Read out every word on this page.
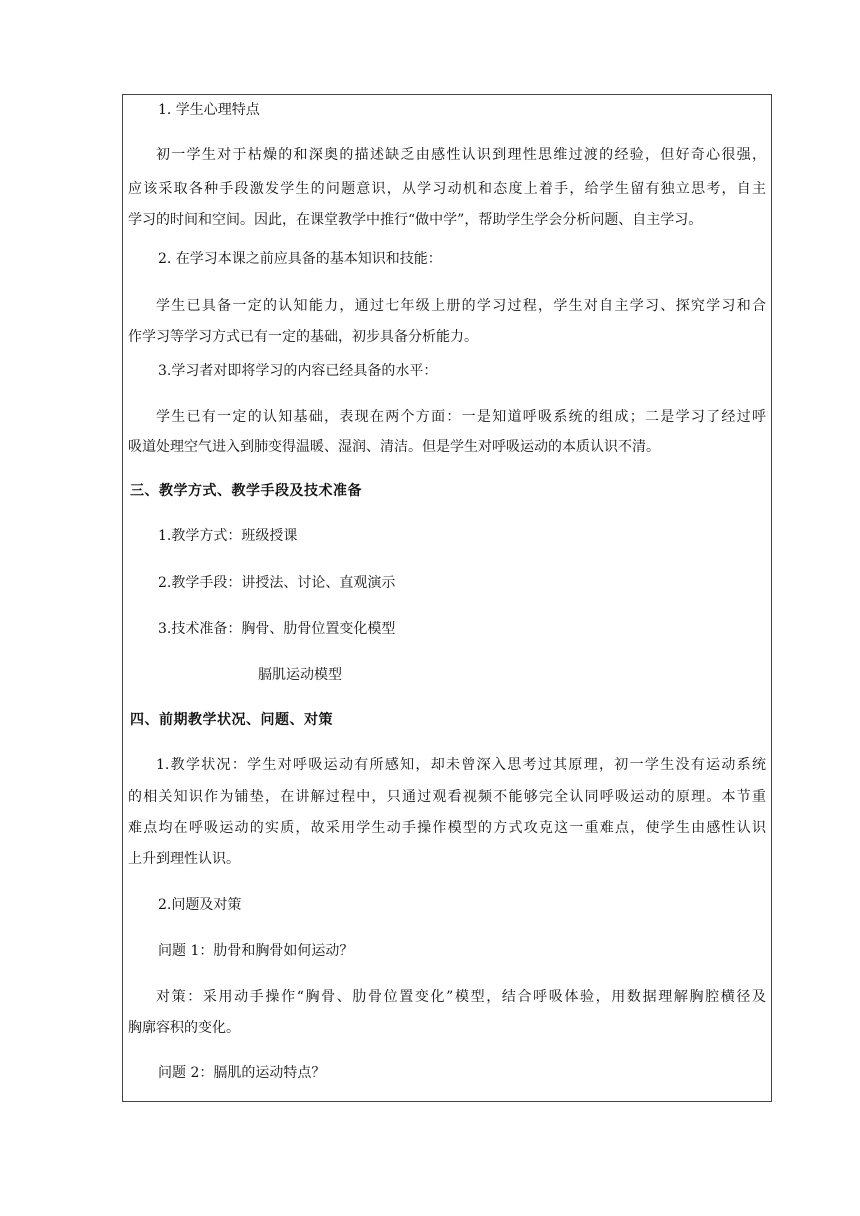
1. 学生心理特点
初一学生对于枯燥的和深奥的描述缺乏由感性认识到理性思维过渡的经验，但好奇心很强，
应该采取各种手段激发学生的问题意识，从学习动机和态度上着手，给学生留有独立思考，自主
学习的时间和空间。因此，在课堂教学中推行“做中学”，帮助学生学会分析问题、自主学习。
2. 在学习本课之前应具备的基本知识和技能：
学生已具备一定的认知能力，通过七年级上册的学习过程，学生对自主学习、探究学习和合
作学习等学习方式已有一定的基础，初步具备分析能力。
3.学习者对即将学习的内容已经具备的水平：
学生已有一定的认知基础，表现在两个方面：一是知道呼吸系统的组成；二是学习了经过呼
吸道处理空气进入到肺变得温暖、湿润、清洁。但是学生对呼吸运动的本质认识不清。
三、教学方式、教学手段及技术准备
1.教学方式：班级授课
2.教学手段：讲授法、讨论、直观演示
3.技术准备：胸骨、肋骨位置变化模型
膈肌运动模型
四、前期教学状况、问题、对策
1.教学状况：学生对呼吸运动有所感知，却未曾深入思考过其原理，初一学生没有运动系统
的相关知识作为铺垫，在讲解过程中，只通过观看视频不能够完全认同呼吸运动的原理。本节重
难点均在呼吸运动的实质，故采用学生动手操作模型的方式攻克这一重难点，使学生由感性认识
上升到理性认识。
2.问题及对策
问题 1：肋骨和胸骨如何运动？
对策：采用动手操作“胸骨、肋骨位置变化”模型，结合呼吸体验，用数据理解胸腔横径及
胸廓容积的变化。
问题 2：膈肌的运动特点？
